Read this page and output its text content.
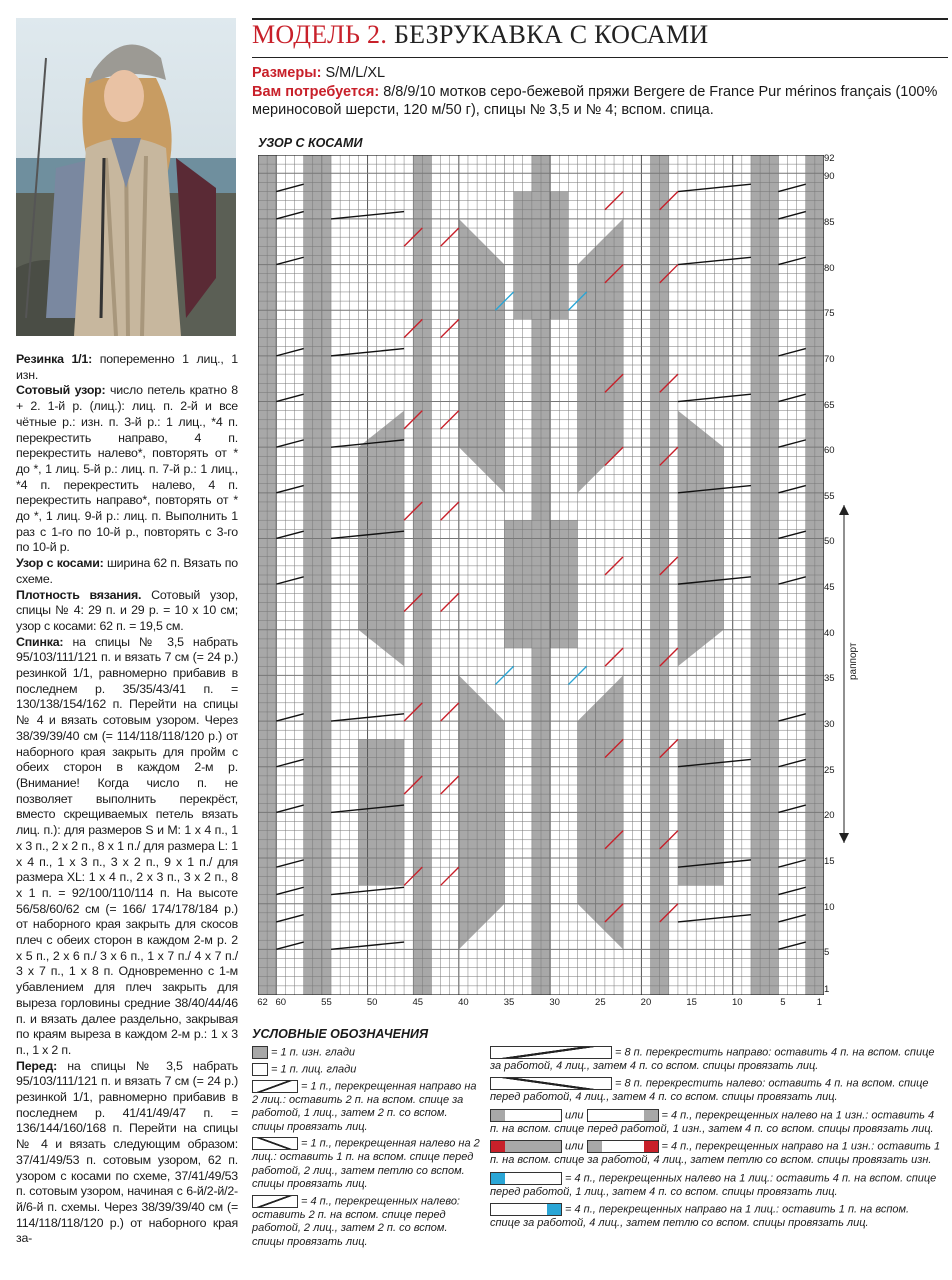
Резинка 1/1: попеременно 1 лиц., 1 изн.

Сотовый узор: число петель кратно 8 + 2. 1-й р. (лиц.): лиц. п. 2-й и все чётные р.: изн. п. 3-й р.: 1 лиц., *4 п. перекрестить направо, 4 п. перекрестить налево*, повторять от * до *, 1 лиц. 5-й р.: лиц. п. 7-й р.: 1 лиц., *4 п. перекрестить налево, 4 п. перекрестить направо*, повторять от * до *, 1 лиц. 9-й р.: лиц. п. Выполнить 1 раз с 1-го по 10-й р., повторять с 3-го по 10-й р.

Узор с косами: ширина 62 п. Вязать по схеме.

Плотность вязания. Сотовый узор, спицы № 4: 29 п. и 29 р. = 10 х 10 см; узор с косами: 62 п. = 19,5 см.

Спинка: на спицы № 3,5 набрать 95/103/111/121 п. и вязать 7 см (= 24 р.) резинкой 1/1, равномерно прибавив в последнем р. 35/35/43/41 п. = 130/138/154/162 п. Перейти на спицы № 4 и вязать сотовым узором. Через 38/39/39/40 см (= 114/118/118/120 р.) от наборного края закрыть для пройм с обеих сторон в каждом 2-м р. (Внимание! Когда число п. не позволяет выполнить перекрёст, вместо скрещиваемых петель вязать лиц. п.): для размеров S и M: 1 х 4 п., 1 х 3 п., 2 х 2 п., 8 х 1 п./ для размера L: 1 х 4 п., 1 х 3 п., 3 х 2 п., 9 х 1 п./ для размера XL: 1 х 4 п., 2 х 3 п., 3 х 2 п., 8 х 1 п. = 92/100/110/114 п. На высоте 56/58/60/62 см (= 166/ 174/178/184 р.) от наборного края закрыть для скосов плеч с обеих сторон в каждом 2-м р. 2 х 5 п., 2 х 6 п./ 3 х 6 п., 1 х 7 п./ 4 х 7 п./ 3 х 7 п., 1 х 8 п. Одновременно с 1-м убавлением для плеч закрыть для выреза горловины средние 38/40/44/46 п. и вязать далее раздельно, закрывая по краям выреза в каждом 2-м р.: 1 х 3 п., 1 х 2 п.

Перед: на спицы № 3,5 набрать 95/103/111/121 п. и вязать 7 см (= 24 р.) резинкой 1/1, равномерно прибавив в последнем р. 41/41/49/47 п. = 136/144/160/168 п. Перейти на спицы № 4 и вязать следующим образом: 37/41/49/53 п. сотовым узором, 62 п. узором с косами по схеме, 37/41/49/53 п. сотовым узором, начиная с 6-й/2-й/2-й/6-й п. схемы. Через 38/39/39/40 см (= 114/118/118/120 р.) от наборного края за-

МОДЕЛЬ 2. БЕЗРУКАВКА С КОСАМИ
Размеры: S/M/L/XL
Вам потребуется: 8/8/9/10 мотков серо-бежевой пряжи Bergere de France Pur mérinos français (100% мериносовой шерсти, 120 м/50 г), спицы № 3,5 и № 4; вспом. спица.
УЗОР С КОСАМИ
92
90
85
80
75
70
65
60
55
50
45
40
35
30
25
20
15
10
5
1
62 60	55	50	45	40	35	30	25	20	15	10	5	1
раппорт
УСЛОВНЫЕ ОБОЗНАЧЕНИЯ
= 1 п. изн. глади
= 1 п. лиц. глади
= 1 п., перекрещенная направо на 2 лиц.: оставить 2 п. на вспом. спице за работой, 1 лиц., затем 2 п. со вспом. спицы провязать лиц.
= 1 п., перекрещенная налево на 2 лиц.: оставить 1 п. на вспом. спице перед работой, 2 лиц., затем петлю со вспом. спицы провязать лиц.
= 4 п., перекрещенных налево: оставить 2 п. на вспом. спице перед работой, 2 лиц., затем 2 п. со вспом. спицы провязать лиц.
= 8 п. перекрестить направо: оставить 4 п. на вспом. спице за работой, 4 лиц., затем 4 п. со вспом. спицы провязать лиц.
= 8 п. перекрестить налево: оставить 4 п. на вспом. спице перед работой, 4 лиц., затем 4 п. со вспом. спицы провязать лиц.
или	= 4 п., перекрещенных налево на 1 изн.: оставить 4 п. на вспом. спице перед работой, 1 изн., затем 4 п. со вспом. спицы провязать лиц.
или	= 4 п., перекрещенных направо на 1 изн.: оставить 1 п. на вспом. спице за работой, 4 лиц., затем петлю со вспом. спицы провязать изн.
= 4 п., перекрещенных налево на 1 лиц.: оставить 4 п. на вспом. спице перед работой, 1 лиц., затем 4 п. со вспом. спицы провязать лиц.
= 4 п., перекрещенных направо на 1 лиц.: оставить 1 п. на вспом. спице за работой, 4 лиц., затем петлю со вспом. спицы провязать лиц.
